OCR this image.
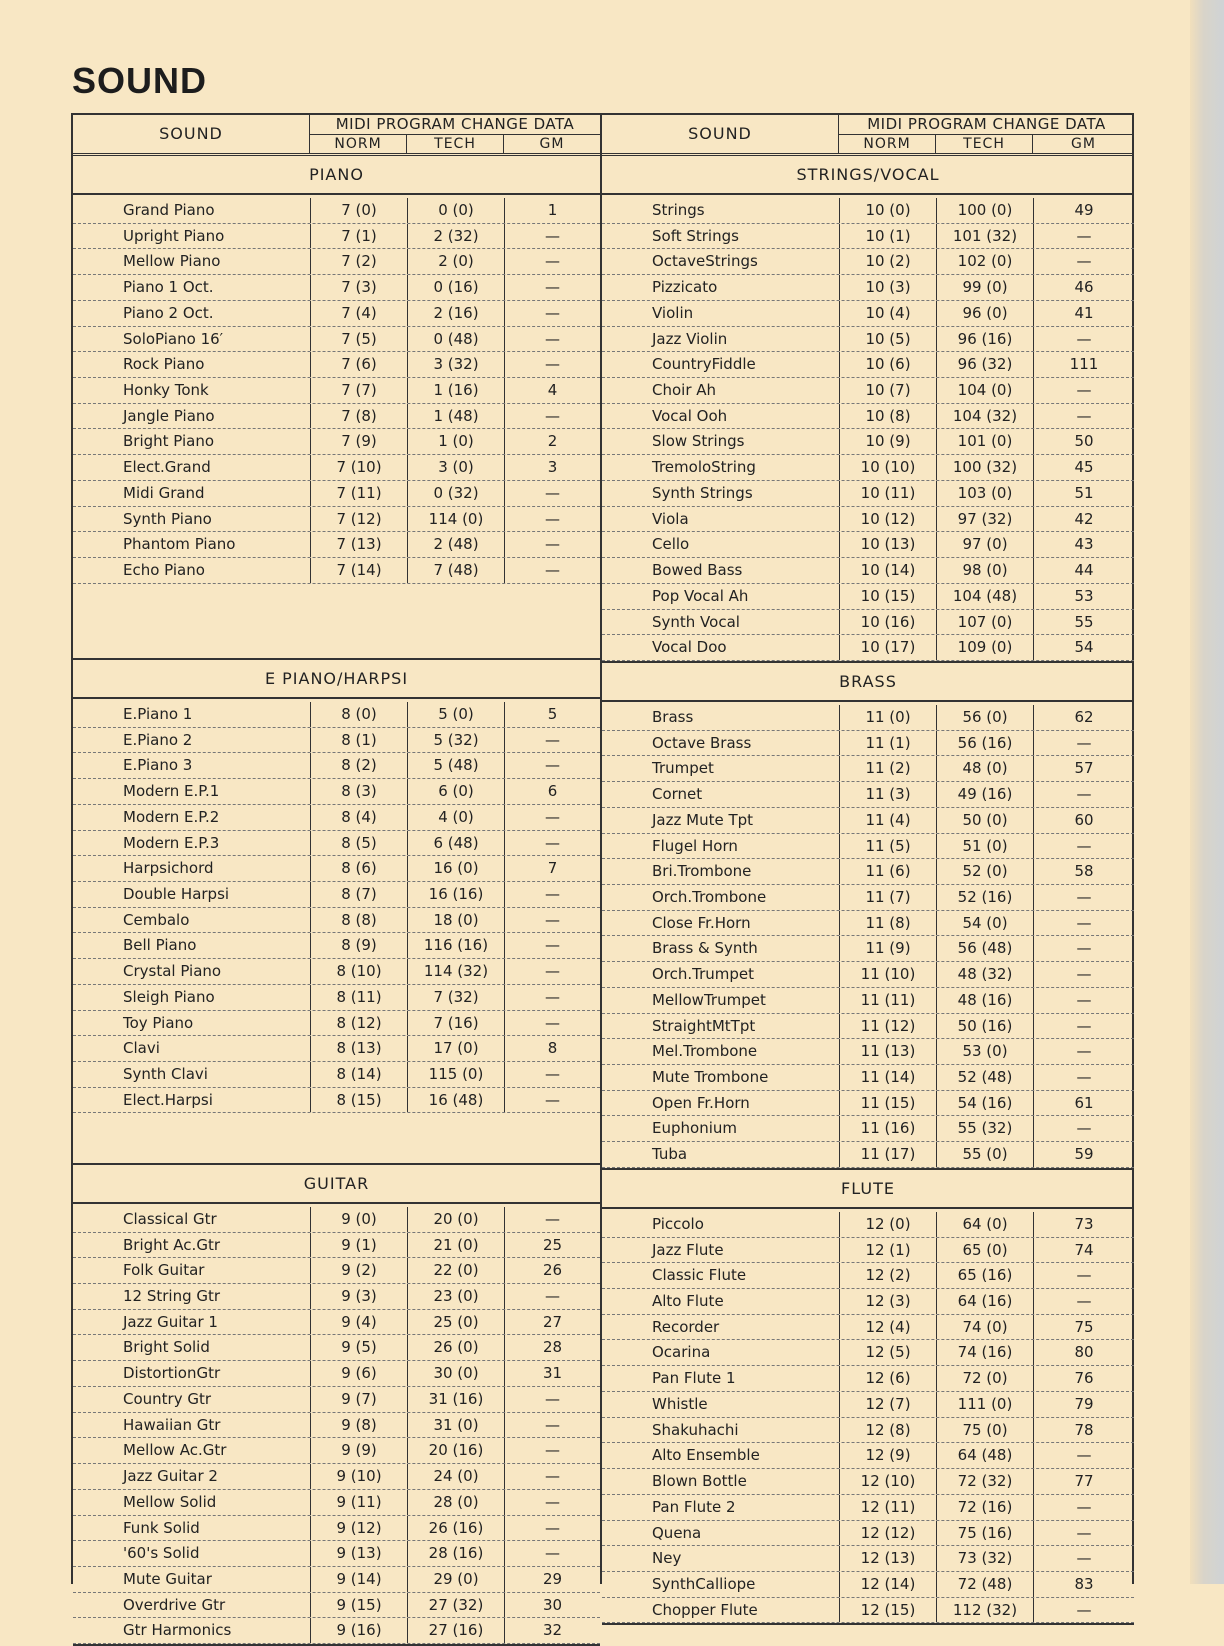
SOUND
SOUND	MIDI PROGRAM CHANGE DATA
NORM	TECH	GM
PIANO
Grand Piano	7 (0)	0 (0)	1
Upright Piano	7 (1)	2 (32)	—
Mellow Piano	7 (2)	2 (0)	—
Piano 1 Oct.	7 (3)	0 (16)	—
Piano 2 Oct.	7 (4)	2 (16)	—
SoloPiano 16′	7 (5)	0 (48)	—
Rock Piano	7 (6)	3 (32)	—
Honky Tonk	7 (7)	1 (16)	4
Jangle Piano	7 (8)	1 (48)	—
Bright Piano	7 (9)	1 (0)	2
Elect.Grand	7 (10)	3 (0)	3
Midi Grand	7 (11)	0 (32)	—
Synth Piano	7 (12)	114 (0)	—
Phantom Piano	7 (13)	2 (48)	—
Echo Piano	7 (14)	7 (48)	—
E PIANO/HARPSI
E.Piano 1	8 (0)	5 (0)	5
E.Piano 2	8 (1)	5 (32)	—
E.Piano 3	8 (2)	5 (48)	—
Modern E.P.1	8 (3)	6 (0)	6
Modern E.P.2	8 (4)	4 (0)	—
Modern E.P.3	8 (5)	6 (48)	—
Harpsichord	8 (6)	16 (0)	7
Double Harpsi	8 (7)	16 (16)	—
Cembalo	8 (8)	18 (0)	—
Bell Piano	8 (9)	116 (16)	—
Crystal Piano	8 (10)	114 (32)	—
Sleigh Piano	8 (11)	7 (32)	—
Toy Piano	8 (12)	7 (16)	—
Clavi	8 (13)	17 (0)	8
Synth Clavi	8 (14)	115 (0)	—
Elect.Harpsi	8 (15)	16 (48)	—
GUITAR
Classical Gtr	9 (0)	20 (0)	—
Bright Ac.Gtr	9 (1)	21 (0)	25
Folk Guitar	9 (2)	22 (0)	26
12 String Gtr	9 (3)	23 (0)	—
Jazz Guitar 1	9 (4)	25 (0)	27
Bright Solid	9 (5)	26 (0)	28
DistortionGtr	9 (6)	30 (0)	31
Country Gtr	9 (7)	31 (16)	—
Hawaiian Gtr	9 (8)	31 (0)	—
Mellow Ac.Gtr	9 (9)	20 (16)	—
Jazz Guitar 2	9 (10)	24 (0)	—
Mellow Solid	9 (11)	28 (0)	—
Funk Solid	9 (12)	26 (16)	—
'60's Solid	9 (13)	28 (16)	—
Mute Guitar	9 (14)	29 (0)	29
Overdrive Gtr	9 (15)	27 (32)	30
Gtr Harmonics	9 (16)	27 (16)	32
SOUND	MIDI PROGRAM CHANGE DATA
NORM	TECH	GM
STRINGS/VOCAL
Strings	10 (0)	100 (0)	49
Soft Strings	10 (1)	101 (32)	—
OctaveStrings	10 (2)	102 (0)	—
Pizzicato	10 (3)	99 (0)	46
Violin	10 (4)	96 (0)	41
Jazz Violin	10 (5)	96 (16)	—
CountryFiddle	10 (6)	96 (32)	111
Choir Ah	10 (7)	104 (0)	—
Vocal Ooh	10 (8)	104 (32)	—
Slow Strings	10 (9)	101 (0)	50
TremoloString	10 (10)	100 (32)	45
Synth Strings	10 (11)	103 (0)	51
Viola	10 (12)	97 (32)	42
Cello	10 (13)	97 (0)	43
Bowed Bass	10 (14)	98 (0)	44
Pop Vocal Ah	10 (15)	104 (48)	53
Synth Vocal	10 (16)	107 (0)	55
Vocal Doo	10 (17)	109 (0)	54
BRASS
Brass	11 (0)	56 (0)	62
Octave Brass	11 (1)	56 (16)	—
Trumpet	11 (2)	48 (0)	57
Cornet	11 (3)	49 (16)	—
Jazz Mute Tpt	11 (4)	50 (0)	60
Flugel Horn	11 (5)	51 (0)	—
Bri.Trombone	11 (6)	52 (0)	58
Orch.Trombone	11 (7)	52 (16)	—
Close Fr.Horn	11 (8)	54 (0)	—
Brass & Synth	11 (9)	56 (48)	—
Orch.Trumpet	11 (10)	48 (32)	—
MellowTrumpet	11 (11)	48 (16)	—
StraightMtTpt	11 (12)	50 (16)	—
Mel.Trombone	11 (13)	53 (0)	—
Mute Trombone	11 (14)	52 (48)	—
Open Fr.Horn	11 (15)	54 (16)	61
Euphonium	11 (16)	55 (32)	—
Tuba	11 (17)	55 (0)	59
FLUTE
Piccolo	12 (0)	64 (0)	73
Jazz Flute	12 (1)	65 (0)	74
Classic Flute	12 (2)	65 (16)	—
Alto Flute	12 (3)	64 (16)	—
Recorder	12 (4)	74 (0)	75
Ocarina	12 (5)	74 (16)	80
Pan Flute 1	12 (6)	72 (0)	76
Whistle	12 (7)	111 (0)	79
Shakuhachi	12 (8)	75 (0)	78
Alto Ensemble	12 (9)	64 (48)	—
Blown Bottle	12 (10)	72 (32)	77
Pan Flute 2	12 (11)	72 (16)	—
Quena	12 (12)	75 (16)	—
Ney	12 (13)	73 (32)	—
SynthCalliope	12 (14)	72 (48)	83
Chopper Flute	12 (15)	112 (32)	—
